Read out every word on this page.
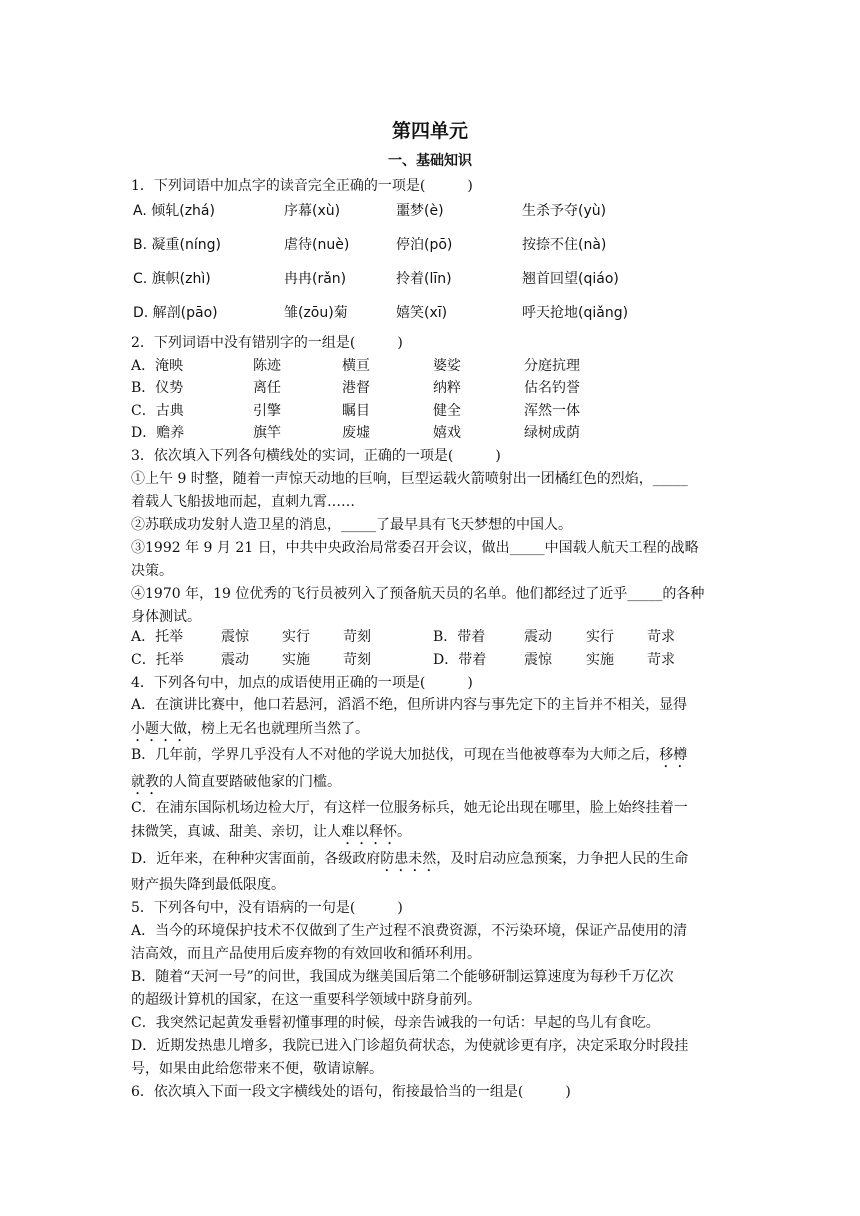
第四单元
一、基础知识
1．下列词语中加点字的读音完全正确的一项是(　　　)
A. 倾轧(zhá)	序幕(xù)	噩梦(è)	生杀予夺(yù)
B. 凝重(níng)	虐待(nuè)	停泊(pō)	按捺不住(nà)
C. 旗帜(zhì)	冉冉(rǎn)	拎着(līn)	翘首回望(qiáo)
D. 解剖(pāo)	雏(zōu)菊	嬉笑(xī)	呼天抢地(qiǎng)
2．下列词语中没有错别字的一组是(　　　)
A．淹映	陈迹	横亘	婆娑	分庭抗理
B．仪势	离任	港督	纳粹	估名钓誉
C．古典	引擎	瞩目	健全	浑然一体
D．赡养	旗竿	废墟	嬉戏	绿树成荫
3．依次填入下列各句横线处的实词，正确的一项是(　　　)
①上午 9 时整，随着一声惊天动地的巨响，巨型运载火箭喷射出一团橘红色的烈焰，_____
着载人飞船拔地而起，直刺九霄……
②苏联成功发射人造卫星的消息，_____了最早具有飞天梦想的中国人。
③1992 年 9 月 21 日，中共中央政治局常委召开会议，做出_____中国载人航天工程的战略
决策。
④1970 年，19 位优秀的飞行员被列入了预备航天员的名单。他们都经过了近乎_____的各种
身体测试。
A．托举	震惊 实行 苛刻	B．带着	震动 实行 苛求
C．托举	震动 实施 苛刻	D．带着	震惊 实施 苛求
4．下列各句中，加点的成语使用正确的一项是(　　　)
A．在演讲比赛中，他口若悬河，滔滔不绝，但所讲内容与事先定下的主旨并不相关，显得
小题大做，榜上无名也就理所当然了。
B．几年前，学界几乎没有人不对他的学说大加挞伐，可现在当他被尊奉为大师之后，移樽
就教的人简直要踏破他家的门槛。
C．在浦东国际机场边检大厅，有这样一位服务标兵，她无论出现在哪里，脸上始终挂着一
抹微笑，真诚、甜美、亲切，让人难以释怀。
D．近年来，在种种灾害面前，各级政府防患未然，及时启动应急预案，力争把人民的生命
财产损失降到最低限度。
5．下列各句中，没有语病的一句是(　　　)
A．当今的环境保护技术不仅做到了生产过程不浪费资源，不污染环境，保证产品使用的清
洁高效，而且产品使用后废弃物的有效回收和循环利用。
B．随着“天河一号”的问世，我国成为继美国后第二个能够研制运算速度为每秒千万亿次
的超级计算机的国家，在这一重要科学领域中跻身前列。
C．我突然记起黄发垂髫初懂事理的时候，母亲告诫我的一句话：早起的鸟儿有食吃。
D．近期发热患儿增多，我院已进入门诊超负荷状态，为使就诊更有序，决定采取分时段挂
号，如果由此给您带来不便，敬请谅解。
6．依次填入下面一段文字横线处的语句，衔接最恰当的一组是(　　　)
